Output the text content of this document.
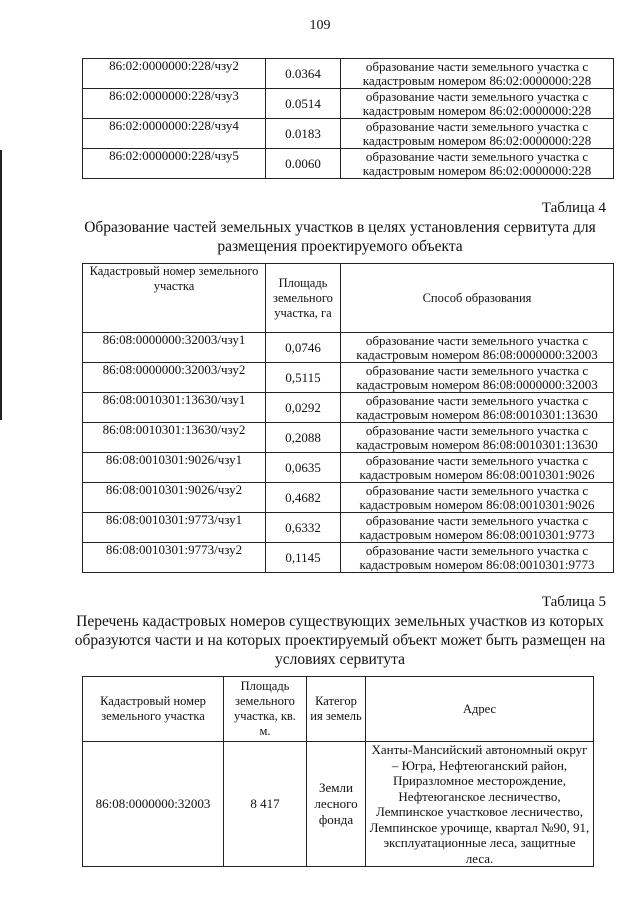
109
86:02:0000000:228/чзу2	0.0364	образование части земельного участка с кадастровым номером 86:02:0000000:228
86:02:0000000:228/чзу3	0.0514	образование части земельного участка с кадастровым номером 86:02:0000000:228
86:02:0000000:228/чзу4	0.0183	образование части земельного участка с кадастровым номером 86:02:0000000:228
86:02:0000000:228/чзу5	0.0060	образование части земельного участка с кадастровым номером 86:02:0000000:228
Таблица 4
Образование частей земельных участков в целях установления сервитута для размещения проектируемого объекта
Кадастровый номер земельного участка	Площадь земельного участка, га	Способ образования
86:08:0000000:32003/чзу1	0,0746	образование части земельного участка с кадастровым номером 86:08:0000000:32003
86:08:0000000:32003/чзу2	0,5115	образование части земельного участка с кадастровым номером 86:08:0000000:32003
86:08:0010301:13630/чзу1	0,0292	образование части земельного участка с кадастровым номером 86:08:0010301:13630
86:08:0010301:13630/чзу2	0,2088	образование части земельного участка с кадастровым номером 86:08:0010301:13630
86:08:0010301:9026/чзу1	0,0635	образование части земельного участка с кадастровым номером 86:08:0010301:9026
86:08:0010301:9026/чзу2	0,4682	образование части земельного участка с кадастровым номером 86:08:0010301:9026
86:08:0010301:9773/чзу1	0,6332	образование части земельного участка с кадастровым номером 86:08:0010301:9773
86:08:0010301:9773/чзу2	0,1145	образование части земельного участка с кадастровым номером 86:08:0010301:9773
Таблица 5
Перечень кадастровых номеров существующих земельных участков из которых образуются части и на которых проектируемый объект может быть размещен на условиях сервитута
Кадастровый номер земельного участка	Площадь земельного участка, кв. м.	Категор ия земель	Адрес
86:08:0000000:32003	8 417	Земли лесного фонда	Ханты-Мансийский автономный округ – Югра, Нефтеюганский район, Приразломное месторождение, Нефтеюганское лесничество, Лемпинское участковое лесничество, Лемпинское урочище, квартал №90, 91, эксплуатационные леса, защитные леса.
